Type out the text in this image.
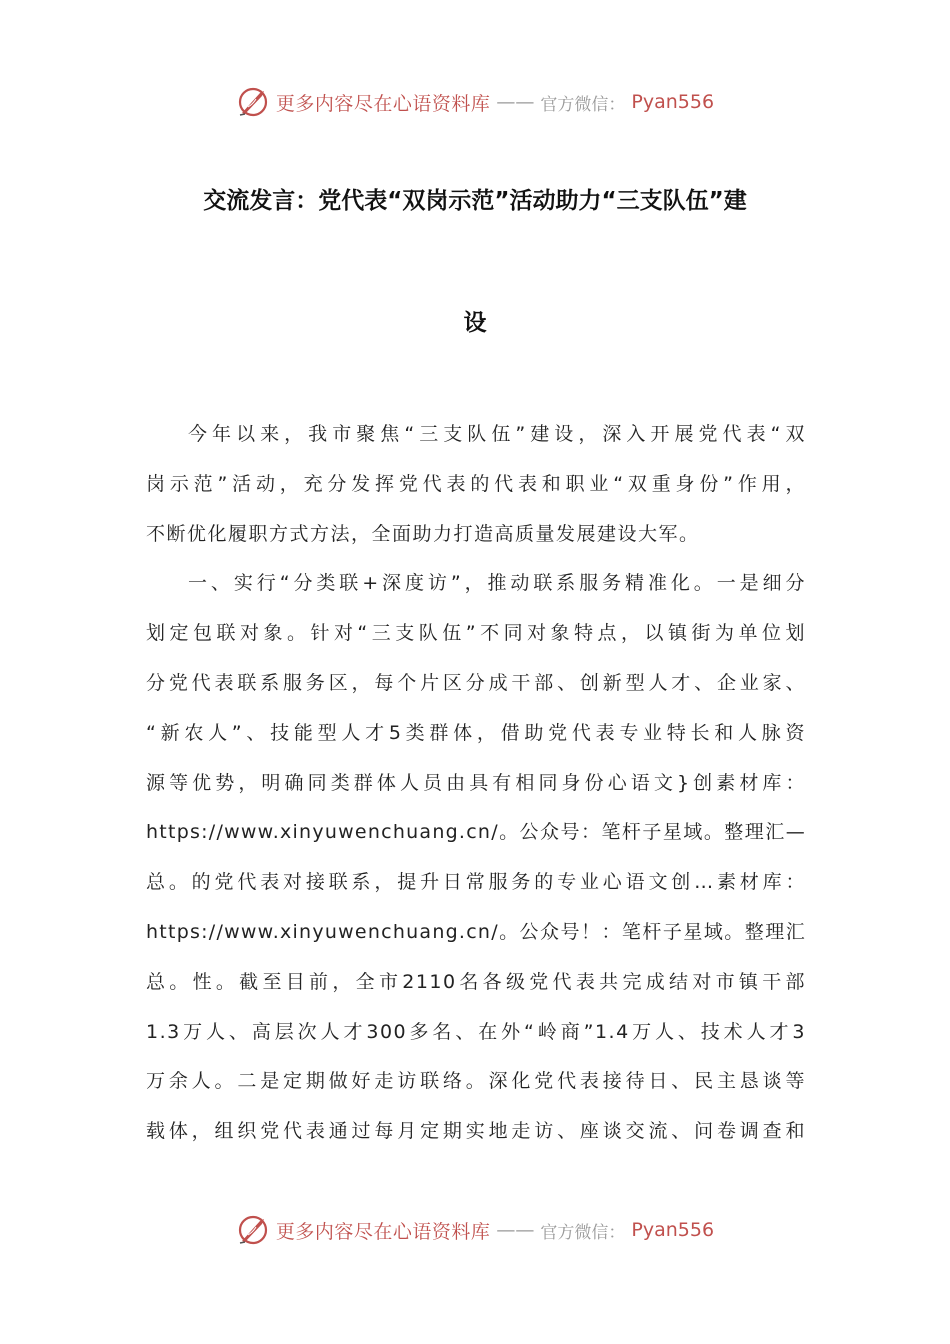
更多内容尽在心语资料库 —— 官方微信： Pyan556
交流发言：党代表“双岗示范”活动助力“三支队伍”建
设
今年以来，我市聚焦“三支队伍”建设，深入开展党代表“双
岗示范”活动，充分发挥党代表的代表和职业“双重身份”作用，
不断优化履职方式方法，全面助力打造高质量发展建设大军。
一、实行“分类联+深度访”，推动联系服务精准化。一是细分
划定包联对象。针对“三支队伍”不同对象特点，以镇街为单位划
分党代表联系服务区，每个片区分成干部、创新型人才、企业家、
“新农人”、技能型人才5类群体，借助党代表专业特长和人脉资
源等优势，明确同类群体人员由具有相同身份心语文}创素材库：
https://www.xinyuwenchuang.cn/。公众号：笔杆子星域。整理汇—
总。的党代表对接联系，提升日常服务的专业心语文创…素材库：
https://www.xinyuwenchuang.cn/。公众号！：笔杆子星域。整理汇
总。性。截至目前，全市2110名各级党代表共完成结对市镇干部
1.3万人、高层次人才300多名、在外“岭商”1.4万人、技术人才3
万余人。二是定期做好走访联络。深化党代表接待日、民主恳谈等
载体，组织党代表通过每月定期实地走访、座谈交流、问卷调查和
更多内容尽在心语资料库 —— 官方微信： Pyan556
